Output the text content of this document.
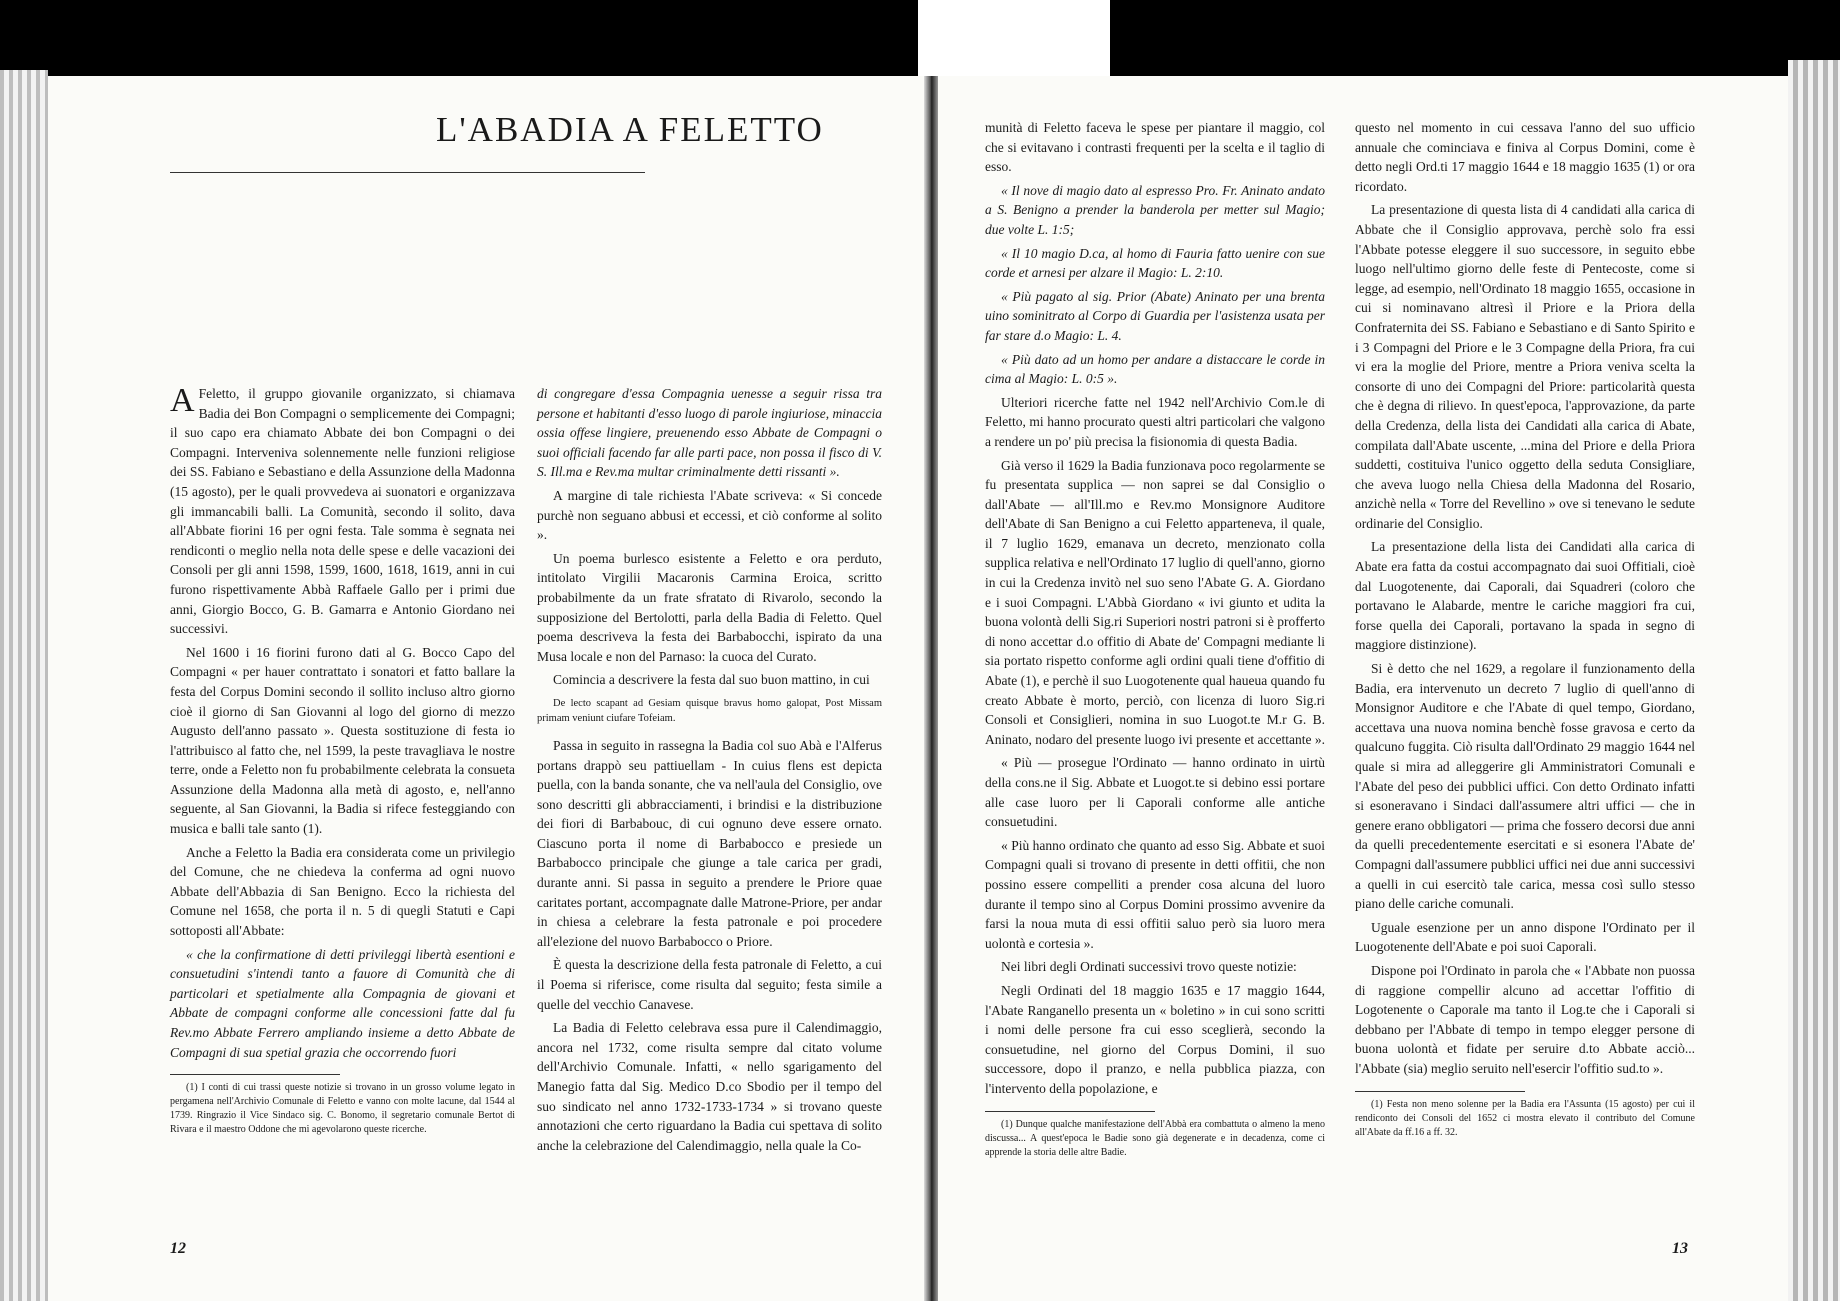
L'ABADIA A FELETTO

A Feletto, il gruppo giovanile organizzato, si chiamava Badia dei Bon Compagni o semplicemente dei Compagni; il suo capo era chiamato Abbate dei bon Compagni o dei Compagni. Interveniva solennemente nelle funzioni religiose dei SS. Fabiano e Sebastiano e della Assunzione della Madonna (15 agosto), per le quali provvedeva ai suonatori e organizzava gli immancabili balli. La Comunità, secondo il solito, dava all'Abbate fiorini 16 per ogni festa. Tale somma è segnata nei rendiconti o meglio nella nota delle spese e delle vacazioni dei Consoli per gli anni 1598, 1599, 1600, 1618, 1619, anni in cui furono rispettivamente Abbà Raffaele Gallo per i primi due anni, Giorgio Bocco, G. B. Gamarra e Antonio Giordano nei successivi.

Nel 1600 i 16 fiorini furono dati al G. Bocco Capo del Compagni « per hauer contrattato i sonatori et fatto ballare la festa del Corpus Domini secondo il sollito incluso altro giorno cioè il giorno di San Giovanni al logo del giorno di mezzo Augusto dell'anno passato ». Questa sostituzione di festa io l'attribuisco al fatto che, nel 1599, la peste travagliava le nostre terre, onde a Feletto non fu probabilmente celebrata la consueta Assunzione della Madonna alla metà di agosto, e, nell'anno seguente, al San Giovanni, la Badia si rifece festeggiando con musica e balli tale santo (1).

Anche a Feletto la Badia era considerata come un privilegio del Comune, che ne chiedeva la conferma ad ogni nuovo Abbate dell'Abbazia di San Benigno. Ecco la richiesta del Comune nel 1658, che porta il n. 5 di quegli Statuti e Capi sottoposti all'Abbate:

« che la confirmatione di detti privileggi libertà esentioni e consuetudini s'intendi tanto a fauore di Comunità che di particolari et spetialmente alla Compagnia de giovani et Abbate de compagni conforme alle concessioni fatte dal fu Rev.mo Abbate Ferrero ampliando insieme a detto Abbate de Compagni di sua spetial grazia che occorrendo fuori

(1) I conti di cui trassi queste notizie si trovano in un grosso volume legato in pergamena nell'Archivio Comunale di Feletto e vanno con molte lacune, dal 1544 al 1739. Ringrazio il Vice Sindaco sig. C. Bonomo, il segretario comunale Bertot di Rivara e il maestro Oddone che mi agevolarono queste ricerche.

di congregare d'essa Compagnia uenesse a seguir rissa tra persone et habitanti d'esso luogo di parole ingiuriose, minaccia ossia offese lingiere, preuenendo esso Abbate de Compagni o suoi officiali facendo far alle parti pace, non possa il fisco di V. S. Ill.ma e Rev.ma multar criminalmente detti rissanti ».

A margine di tale richiesta l'Abate scriveva: « Si concede purchè non seguano abbusi et eccessi, et ciò conforme al solito ».

Un poema burlesco esistente a Feletto e ora perduto, intitolato Virgilii Macaronis Carmina Eroica, scritto probabilmente da un frate sfratato di Rivarolo, secondo la supposizione del Bertolotti, parla della Badia di Feletto. Quel poema descriveva la festa dei Barbabocchi, ispirato da una Musa locale e non del Parnaso: la cuoca del Curato.

Comincia a descrivere la festa dal suo buon mattino, in cui

De lecto scapant ad Gesiam quisque bravus homo galopat, Post Missam primam veniunt ciufare Tofeiam.

Passa in seguito in rassegna la Badia col suo Abà e l'Alferus portans drappò seu pattiuellam - In cuius flens est depicta puella, con la banda sonante, che va nell'aula del Consiglio, ove sono descritti gli abbracciamenti, i brindisi e la distribuzione dei fiori di Barbabouc, di cui ognuno deve essere ornato. Ciascuno porta il nome di Barbabocco e presiede un Barbabocco principale che giunge a tale carica per gradi, durante anni. Si passa in seguito a prendere le Priore quae caritates portant, accompagnate dalle Matrone-Priore, per andar in chiesa a celebrare la festa patronale e poi procedere all'elezione del nuovo Barbabocco o Priore.

È questa la descrizione della festa patronale di Feletto, a cui il Poema si riferisce, come risulta dal seguito; festa simile a quelle del vecchio Canavese.

La Badia di Feletto celebrava essa pure il Calendimaggio, ancora nel 1732, come risulta sempre dal citato volume dell'Archivio Comunale. Infatti, « nello sgarigamento del Manegio fatta dal Sig. Medico D.co Sbodio per il tempo del suo sindicato nel anno 1732-1733-1734 » si trovano queste annotazioni che certo riguardano la Badia cui spettava di solito anche la celebrazione del Calendimaggio, nella quale la Co-

12

munità di Feletto faceva le spese per piantare il maggio, col che si evitavano i contrasti frequenti per la scelta e il taglio di esso.

« Il nove di magio dato al espresso Pro. Fr. Aninato andato a S. Benigno a prender la banderola per metter sul Magio; due volte L. 1:5;

« Il 10 magio D.ca, al homo di Fauria fatto uenire con sue corde et arnesi per alzare il Magio: L. 2:10.

« Più pagato al sig. Prior (Abate) Aninato per una brenta uino sominitrato al Corpo di Guardia per l'asistenza usata per far stare d.o Magio: L. 4.

« Più dato ad un homo per andare a distaccare le corde in cima al Magio: L. 0:5 ».

Ulteriori ricerche fatte nel 1942 nell'Archivio Com.le di Feletto, mi hanno procurato questi altri particolari che valgono a rendere un po' più precisa la fisionomia di questa Badia.

Già verso il 1629 la Badia funzionava poco regolarmente se fu presentata supplica — non saprei se dal Consiglio o dall'Abate — all'Ill.mo e Rev.mo Monsignore Auditore dell'Abate di San Benigno a cui Feletto apparteneva, il quale, il 7 luglio 1629, emanava un decreto, menzionato colla supplica relativa e nell'Ordinato 17 luglio di quell'anno, giorno in cui la Credenza invitò nel suo seno l'Abate G. A. Giordano e i suoi Compagni. L'Abbà Giordano « ivi giunto et udita la buona volontà delli Sig.ri Superiori nostri patroni si è profferto di nono accettar d.o offitio di Abate de' Compagni mediante li sia portato rispetto conforme agli ordini quali tiene d'offitio di Abate (1), e perchè il suo Luogotenente qual haueua quando fu creato Abbate è morto, perciò, con licenza di luoro Sig.ri Consoli et Consiglieri, nomina in suo Luogot.te M.r G. B. Aninato, nodaro del presente luogo ivi presente et accettante ».

« Più — prosegue l'Ordinato — hanno ordinato in uirtù della cons.ne il Sig. Abbate et Luogot.te si debino essi portare alle case luoro per li Caporali conforme alle antiche consuetudini.

« Più hanno ordinato che quanto ad esso Sig. Abbate et suoi Compagni quali si trovano di presente in detti offitii, che non possino essere compelliti a prender cosa alcuna del luoro durante il tempo sino al Corpus Domini prossimo avvenire da farsi la noua muta di essi offitii saluo però sia luoro mera uolontà e cortesia ».

Nei libri degli Ordinati successivi trovo queste notizie:

Negli Ordinati del 18 maggio 1635 e 17 maggio 1644, l'Abate Ranganello presenta un « boletino » in cui sono scritti i nomi delle persone fra cui esso sceglierà, secondo la consuetudine, nel giorno del Corpus Domini, il suo successore, dopo il pranzo, e nella pubblica piazza, con l'intervento della popolazione, e

(1) Dunque qualche manifestazione dell'Abbà era combattuta o almeno la meno discussa... A quest'epoca le Badie sono già degenerate e in decadenza, come ci apprende la storia delle altre Badie.

questo nel momento in cui cessava l'anno del suo ufficio annuale che cominciava e finiva al Corpus Domini, come è detto negli Ord.ti 17 maggio 1644 e 18 maggio 1635 (1) or ora ricordato.

La presentazione di questa lista di 4 candidati alla carica di Abbate che il Consiglio approvava, perchè solo fra essi l'Abbate potesse eleggere il suo successore, in seguito ebbe luogo nell'ultimo giorno delle feste di Pentecoste, come si legge, ad esempio, nell'Ordinato 18 maggio 1655, occasione in cui si nominavano altresì il Priore e la Priora della Confraternita dei SS. Fabiano e Sebastiano e di Santo Spirito e i 3 Compagni del Priore e le 3 Compagne della Priora, fra cui vi era la moglie del Priore, mentre a Priora veniva scelta la consorte di uno dei Compagni del Priore: particolarità questa che è degna di rilievo. In quest'epoca, l'approvazione, da parte della Credenza, della lista dei Candidati alla carica di Abate, compilata dall'Abate uscente, ...mina del Priore e della Priora suddetti, costituiva l'unico oggetto della seduta Consigliare, che aveva luogo nella Chiesa della Madonna del Rosario, anzichè nella « Torre del Revellino » ove si tenevano le sedute ordinarie del Consiglio.

La presentazione della lista dei Candidati alla carica di Abate era fatta da costui accompagnato dai suoi Offitiali, cioè dal Luogotenente, dai Caporali, dai Squadreri (coloro che portavano le Alabarde, mentre le cariche maggiori fra cui, forse quella dei Caporali, portavano la spada in segno di maggiore distinzione).

Si è detto che nel 1629, a regolare il funzionamento della Badia, era intervenuto un decreto 7 luglio di quell'anno di Monsignor Auditore e che l'Abate di quel tempo, Giordano, accettava una nuova nomina benchè fosse gravosa e certo da qualcuno fuggita. Ciò risulta dall'Ordinato 29 maggio 1644 nel quale si mira ad alleggerire gli Amministratori Comunali e l'Abate del peso dei pubblici uffici. Con detto Ordinato infatti si esoneravano i Sindaci dall'assumere altri uffici — che in genere erano obbligatori — prima che fossero decorsi due anni da quelli precedentemente esercitati e si esonera l'Abate de' Compagni dall'assumere pubblici uffici nei due anni successivi a quelli in cui esercitò tale carica, messa così sullo stesso piano delle cariche comunali.

Uguale esenzione per un anno dispone l'Ordinato per il Luogotenente dell'Abate e poi suoi Caporali.

Dispone poi l'Ordinato in parola che « l'Abbate non puossa di raggione compellir alcuno ad accettar l'offitio di Logotenente o Caporale ma tanto il Log.te che i Caporali si debbano per l'Abbate di tempo in tempo elegger persone di buona uolontà et fidate per seruire d.to Abbate acciò... l'Abbate (sia) meglio seruito nell'esercir l'offitio sud.to ».

(1) Festa non meno solenne per la Badia era l'Assunta (15 agosto) per cui il rendiconto dei Consoli del 1652 ci mostra elevato il contributo del Comune all'Abate da ff.16 a ff. 32.

13
